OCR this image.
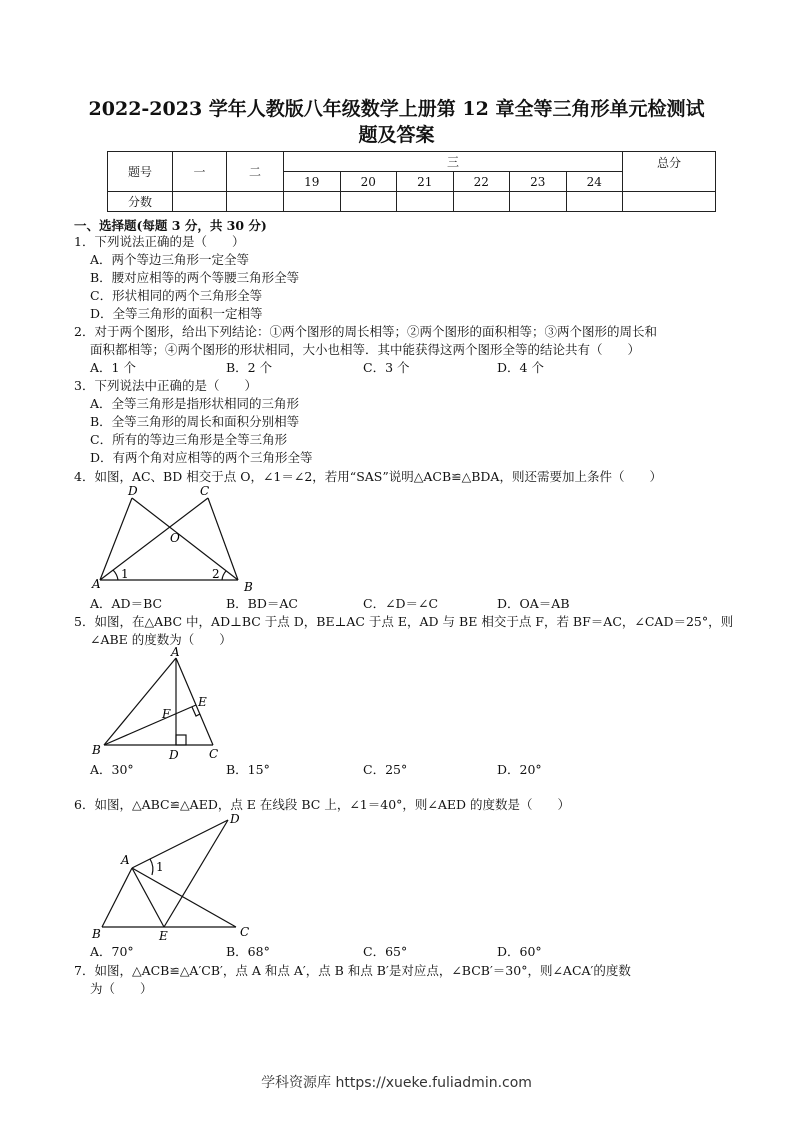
2022-2023 学年人教版八年级数学上册第 12 章全等三角形单元检测试
题及答案
题号	一	二	三						总分
			19	20	21	22	23	24	
分数									
一、选择题(每题 3 分，共 30 分)
1．下列说法正确的是（　　）
A．两个等边三角形一定全等
B．腰对应相等的两个等腰三角形全等
C．形状相同的两个三角形全等
D．全等三角形的面积一定相等
2．对于两个图形，给出下列结论：①两个图形的周长相等；②两个图形的面积相等；③两个图形的周长和
面积都相等；④两个图形的形状相同，大小也相等．其中能获得这两个图形全等的结论共有（　　）
A．1 个	B．2 个	C．3 个	D．4 个
3．下列说法中正确的是（　　）
A．全等三角形是指形状相同的三角形
B．全等三角形的周长和面积分别相等
C．所有的等边三角形是全等三角形
D．有两个角对应相等的两个三角形全等
4．如图，AC、BD 相交于点 O，∠1＝∠2，若用“SAS”说明△ACB≌△BDA，则还需要加上条件（　　）
D	C
O
A	B
1	2
A．AD＝BC	B．BD＝AC	C．∠D＝∠C	D．OA＝AB
5．如图，在△ABC 中，AD⊥BC 于点 D，BE⊥AC 于点 E，AD 与 BE 相交于点 F，若 BF＝AC，∠CAD＝25°，则
∠ABE 的度数为（　　）
A
E
F
B	D	C
A．30°	B．15°	C．25°	D．20°
6．如图，△ABC≌△AED，点 E 在线段 BC 上，∠1＝40°，则∠AED 的度数是（　　）
D
A 1
B	E	C
A．70°	B．68°	C．65°	D．60°
7．如图，△ACB≌△A′CB′，点 A 和点 A′，点 B 和点 B′是对应点，∠BCB′＝30°，则∠ACA′的度数
为（　　）
学科资源库 https://xueke.fuliadmin.com
